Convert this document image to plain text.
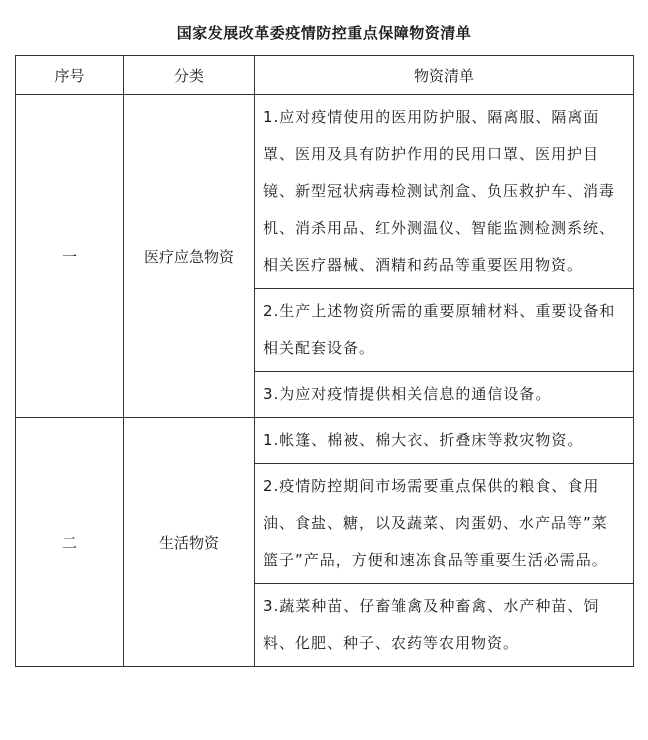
国家发展改革委疫情防控重点保障物资清单
序号	分类	物资清单
一	医疗应急物资	1.应对疫情使用的医用防护服、隔离服、隔离面罩、医用及具有防护作用的民用口罩、医用护目镜、新型冠状病毒检测试剂盒、负压救护车、消毒机、消杀用品、红外测温仪、智能监测检测系统、相关医疗器械、酒精和药品等重要医用物资。
		2.生产上述物资所需的重要原辅材料、重要设备和相关配套设备。
		3.为应对疫情提供相关信息的通信设备。
二	生活物资	1.帐篷、棉被、棉大衣、折叠床等救灾物资。
		2.疫情防控期间市场需要重点保供的粮食、食用油、食盐、糖，以及蔬菜、肉蛋奶、水产品等”菜篮子”产品，方便和速冻食品等重要生活必需品。
		3.蔬菜种苗、仔畜雏禽及种畜禽、水产种苗、饲料、化肥、种子、农药等农用物资。
